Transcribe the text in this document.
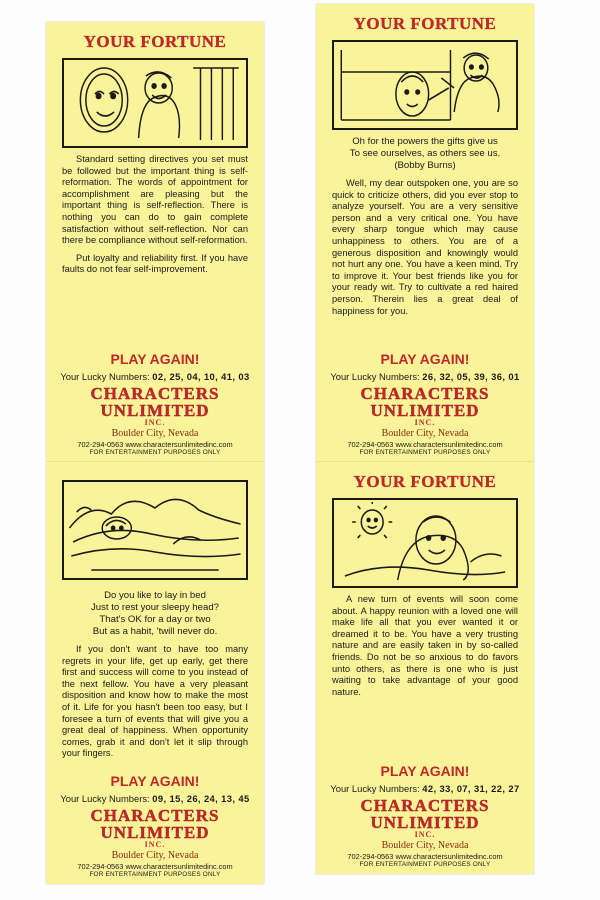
YOUR FORTUNE

Standard setting directives you set must be followed but the important thing is self-reformation. The words of appointment for accomplishment are pleasing but the important thing is self-reflection. There is nothing you can do to gain complete satisfaction without self-reflection. Nor can there be compliance without self-reformation.

Put loyalty and reliability first. If you have faults do not fear self-improvement.

PLAY AGAIN!
Your Lucky Numbers: 02, 25, 04, 10, 41, 03
CHARACTERS UNLIMITED
INC.
Boulder City, Nevada
702-294-0563 www.charactersunlimitedinc.com
FOR ENTERTAINMENT PURPOSES ONLY
YOUR FORTUNE
Oh for the powers the gifts give us
To see ourselves, as others see us.
(Bobby Burns)

Well, my dear outspoken one, you are so quick to criticize others, did you ever stop to analyze yourself. You are a very sensitive person and a very critical one. You have every sharp tongue which may cause unhappiness to others. You are of a generous disposition and knowingly would not hurt any one. You have a keen mind. Try to improve it. Your best friends like you for your ready wit. Try to cultivate a red haired person. Therein lies a great deal of happiness for you.

PLAY AGAIN!
Your Lucky Numbers: 26, 32, 05, 39, 36, 01
CHARACTERS UNLIMITED
INC.
Boulder City, Nevada
702-294-0563 www.charactersunlimitedinc.com
FOR ENTERTAINMENT PURPOSES ONLY
Do you like to lay in bed
Just to rest your sleepy head?
That's OK for a day or two
But as a habit, 'twill never do.

If you don't want to have too many regrets in your life, get up early, get there first and success will come to you instead of the next fellow. You have a very pleasant disposition and know how to make the most of it. Life for you hasn't been too easy, but I foresee a turn of events that will give you a great deal of happiness. When opportunity comes, grab it and don't let it slip through your fingers.

PLAY AGAIN!
Your Lucky Numbers: 09, 15, 26, 24, 13, 45
CHARACTERS UNLIMITED
INC.
Boulder City, Nevada
702-294-0563 www.charactersunlimitedinc.com
FOR ENTERTAINMENT PURPOSES ONLY
YOUR FORTUNE

A new turn of events will soon come about. A happy reunion with a loved one will make life all that you ever wanted it or dreamed it to be. You have a very trusting nature and are easily taken in by so-called friends. Do not be so anxious to do favors unto others, as there is one who is just waiting to take advantage of your good nature.

PLAY AGAIN!
Your Lucky Numbers: 42, 33, 07, 31, 22, 27
CHARACTERS UNLIMITED
INC.
Boulder City, Nevada
702-294-0563 www.charactersunlimitedinc.com
FOR ENTERTAINMENT PURPOSES ONLY
